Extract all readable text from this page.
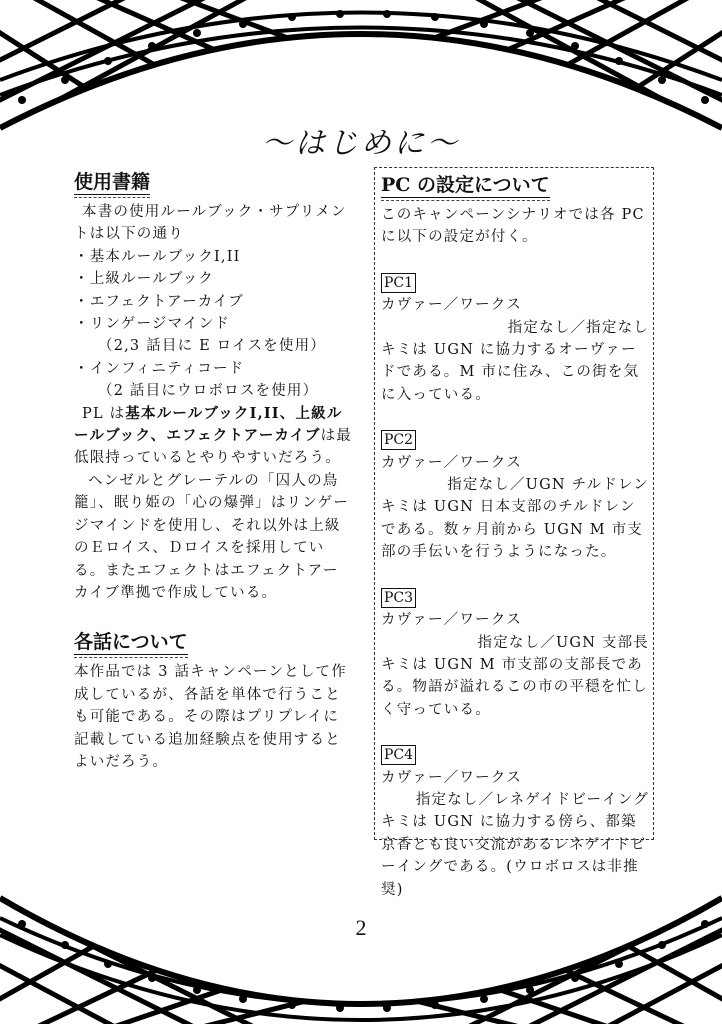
～はじめに～
使用書籍

本書の使用ルールブック・サプリメン

トは以下の通り

・基本ルールブックI,II

・上級ルールブック

・エフェクトアーカイブ

・リンゲージマインド

（2,3 話目に E ロイスを使用）

・インフィニティコード

（2 話目にウロボロスを使用）

PL は基本ルールブックI,II、上級ルールブック、エフェクトアーカイブは最低限持っているとやりやすいだろう。

ヘンゼルとグレーテルの「囚人の鳥籠」、眠り姫の「心の爆弾」はリンゲージマインドを使用し、それ以外は上級のＥロイス、Ｄロイスを採用している。またエフェクトはエフェクトアーカイブ準拠で作成している。

各話について

本作品では 3 話キャンペーンとして作成しているが、各話を単体で行うことも可能である。その際はプリプレイに記載している追加経験点を使用するとよいだろう。

PC の設定について

このキャンペーンシナリオでは各 PC に以下の設定が付く。

PC1

カヴァー／ワークス

指定なし／指定なし

キミは UGN に協力するオーヴァードである。M 市に住み、この街を気に入っている。

PC2

カヴァー／ワークス

指定なし／UGN チルドレン

キミは UGN 日本支部のチルドレンである。数ヶ月前から UGN M 市支部の手伝いを行うようになった。

PC3

カヴァー／ワークス

指定なし／UGN 支部長

キミは UGN M 市支部の支部長である。物語が溢れるこの市の平穏を忙しく守っている。

PC4

カヴァー／ワークス

指定なし／レネゲイドビーイング

キミは UGN に協力する傍ら、都築京香とも良い交流があるレネゲイドビーイングである。(ウロボロスは非推奨)

2
